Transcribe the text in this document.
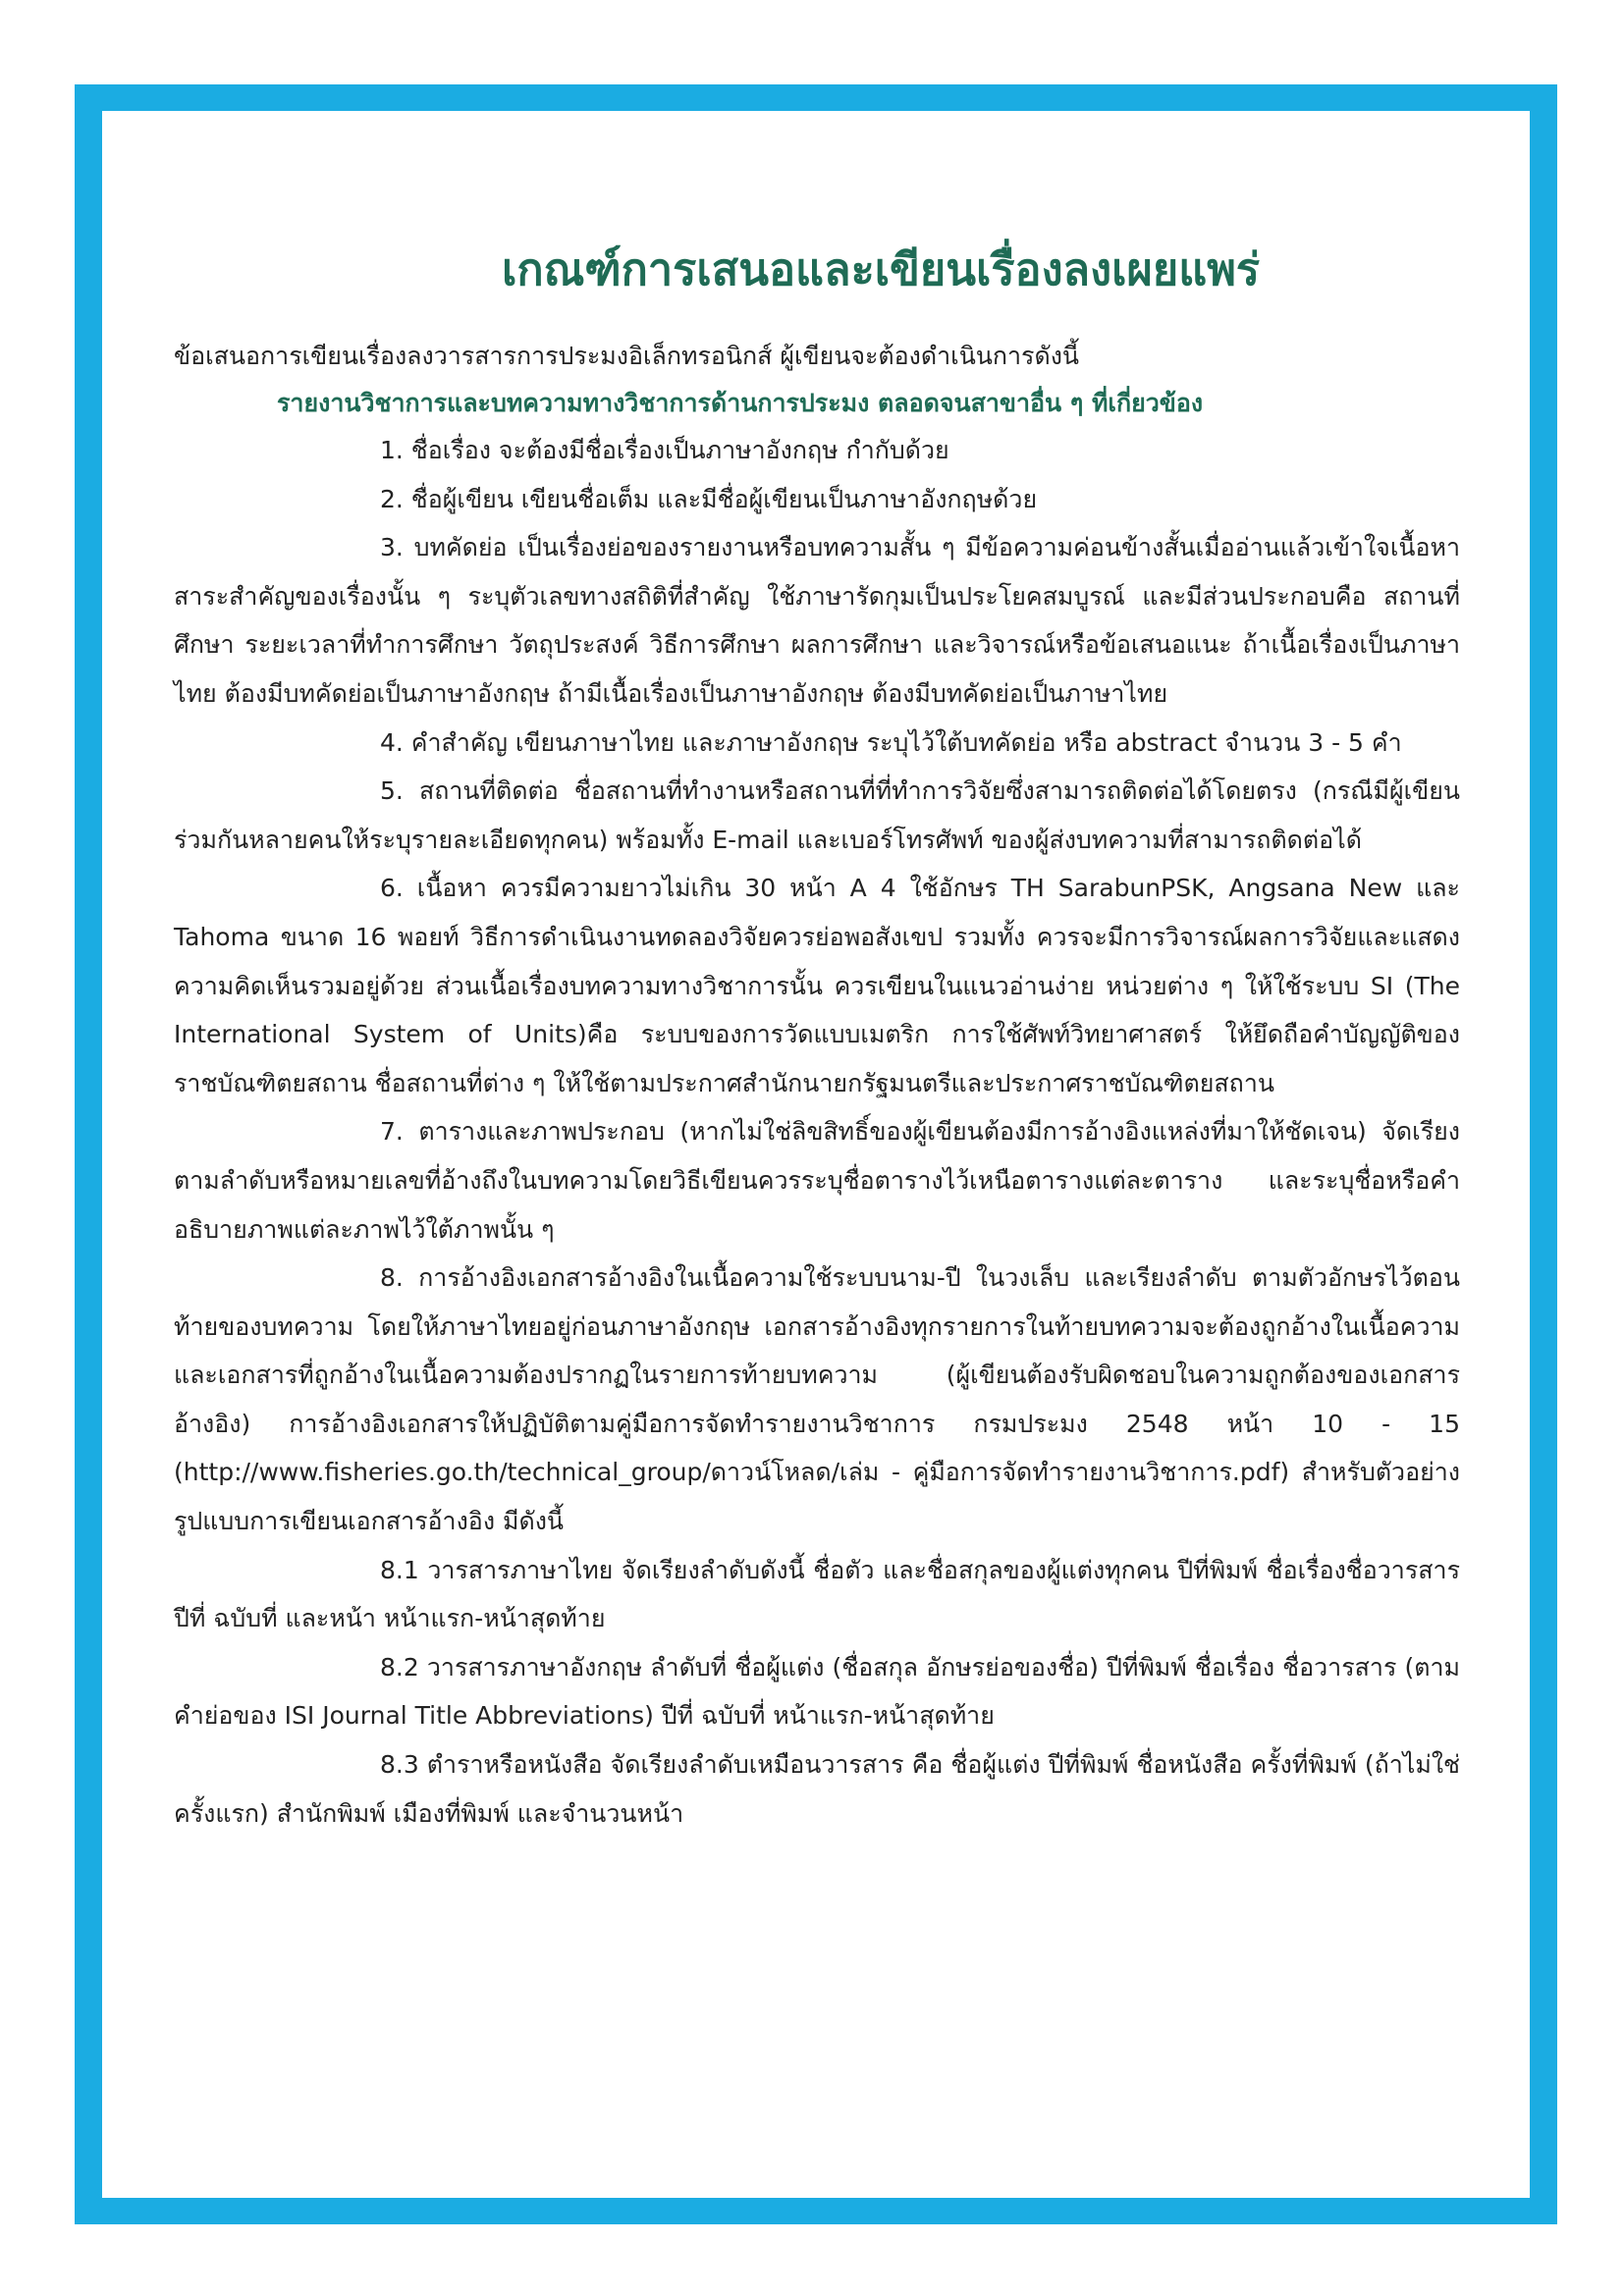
เกณฑ์การเสนอและเขียนเรื่องลงเผยแพร่

ข้อเสนอการเขียนเรื่องลงวารสารการประมงอิเล็กทรอนิกส์ ผู้เขียนจะต้องดำเนินการดังนี้

รายงานวิชาการและบทความทางวิชาการด้านการประมง ตลอดจนสาขาอื่น ๆ ที่เกี่ยวข้อง

1. ชื่อเรื่อง จะต้องมีชื่อเรื่องเป็นภาษาอังกฤษ กำกับด้วย

2. ชื่อผู้เขียน เขียนชื่อเต็ม และมีชื่อผู้เขียนเป็นภาษาอังกฤษด้วย

3. บทคัดย่อ เป็นเรื่องย่อของรายงานหรือบทความสั้น ๆ มีข้อความค่อนข้างสั้นเมื่ออ่านแล้วเข้าใจเนื้อหาสาระสำคัญของเรื่องนั้น ๆ ระบุตัวเลขทางสถิติที่สำคัญ ใช้ภาษารัดกุมเป็นประโยคสมบูรณ์ และมีส่วนประกอบคือ สถานที่ศึกษา ระยะเวลาที่ทำการศึกษา วัตถุประสงค์ วิธีการศึกษา ผลการศึกษา และวิจารณ์หรือข้อเสนอแนะ ถ้าเนื้อเรื่องเป็นภาษาไทย ต้องมีบทคัดย่อเป็นภาษาอังกฤษ ถ้ามีเนื้อเรื่องเป็นภาษาอังกฤษ ต้องมีบทคัดย่อเป็นภาษาไทย

4. คำสำคัญ เขียนภาษาไทย และภาษาอังกฤษ ระบุไว้ใต้บทคัดย่อ หรือ abstract จำนวน 3 - 5 คำ

5. สถานที่ติดต่อ ชื่อสถานที่ทำงานหรือสถานที่ที่ทำการวิจัยซึ่งสามารถติดต่อได้โดยตรง (กรณีมีผู้เขียนร่วมกันหลายคนให้ระบุรายละเอียดทุกคน) พร้อมทั้ง E-mail และเบอร์โทรศัพท์ ของผู้ส่งบทความที่สามารถติดต่อได้

6. เนื้อหา ควรมีความยาวไม่เกิน 30 หน้า A 4 ใช้อักษร TH SarabunPSK, Angsana New และ Tahoma ขนาด 16 พอยท์ วิธีการดำเนินงานทดลองวิจัยควรย่อพอสังเขป รวมทั้ง ควรจะมีการวิจารณ์ผลการวิจัยและแสดงความคิดเห็นรวมอยู่ด้วย ส่วนเนื้อเรื่องบทความทางวิชาการนั้น ควรเขียนในแนวอ่านง่าย หน่วยต่าง ๆ ให้ใช้ระบบ SI (The International System of Units)คือ ระบบของการวัดแบบเมตริก การใช้ศัพท์วิทยาศาสตร์ ให้ยึดถือคำบัญญัติของราชบัณฑิตยสถาน ชื่อสถานที่ต่าง ๆ ให้ใช้ตามประกาศสำนักนายกรัฐมนตรีและประกาศราชบัณฑิตยสถาน

7. ตารางและภาพประกอบ (หากไม่ใช่ลิขสิทธิ์ของผู้เขียนต้องมีการอ้างอิงแหล่งที่มาให้ชัดเจน) จัดเรียงตามลำดับหรือหมายเลขที่อ้างถึงในบทความโดยวิธีเขียนควรระบุชื่อตารางไว้เหนือตารางแต่ละตาราง และระบุชื่อหรือคำอธิบายภาพแต่ละภาพไว้ใต้ภาพนั้น ๆ

8. การอ้างอิงเอกสารอ้างอิงในเนื้อความใช้ระบบนาม-ปี ในวงเล็บ และเรียงลำดับ ตามตัวอักษรไว้ตอนท้ายของบทความ โดยให้ภาษาไทยอยู่ก่อนภาษาอังกฤษ เอกสารอ้างอิงทุกรายการในท้ายบทความจะต้องถูกอ้างในเนื้อความ และเอกสารที่ถูกอ้างในเนื้อความต้องปรากฏในรายการท้ายบทความ (ผู้เขียนต้องรับผิดชอบในความถูกต้องของเอกสารอ้างอิง) การอ้างอิงเอกสารให้ปฏิบัติตามคู่มือการจัดทำรายงานวิชาการ กรมประมง 2548 หน้า 10 - 15 (http://www.fisheries.go.th/technical_group/ดาวน์โหลด/เล่ม - คู่มือการจัดทำรายงานวิชาการ.pdf) สำหรับตัวอย่างรูปแบบการเขียนเอกสารอ้างอิง มีดังนี้

8.1 วารสารภาษาไทย จัดเรียงลำดับดังนี้ ชื่อตัว และชื่อสกุลของผู้แต่งทุกคน ปีที่พิมพ์ ชื่อเรื่องชื่อวารสาร ปีที่ ฉบับที่ และหน้า หน้าแรก-หน้าสุดท้าย

8.2 วารสารภาษาอังกฤษ ลำดับที่ ชื่อผู้แต่ง (ชื่อสกุล อักษรย่อของชื่อ) ปีที่พิมพ์ ชื่อเรื่อง ชื่อวารสาร (ตามคำย่อของ ISI Journal Title Abbreviations) ปีที่ ฉบับที่ หน้าแรก-หน้าสุดท้าย

8.3 ตำราหรือหนังสือ จัดเรียงลำดับเหมือนวารสาร คือ ชื่อผู้แต่ง ปีที่พิมพ์ ชื่อหนังสือ ครั้งที่พิมพ์ (ถ้าไม่ใช่ครั้งแรก) สำนักพิมพ์ เมืองที่พิมพ์ และจำนวนหน้า
